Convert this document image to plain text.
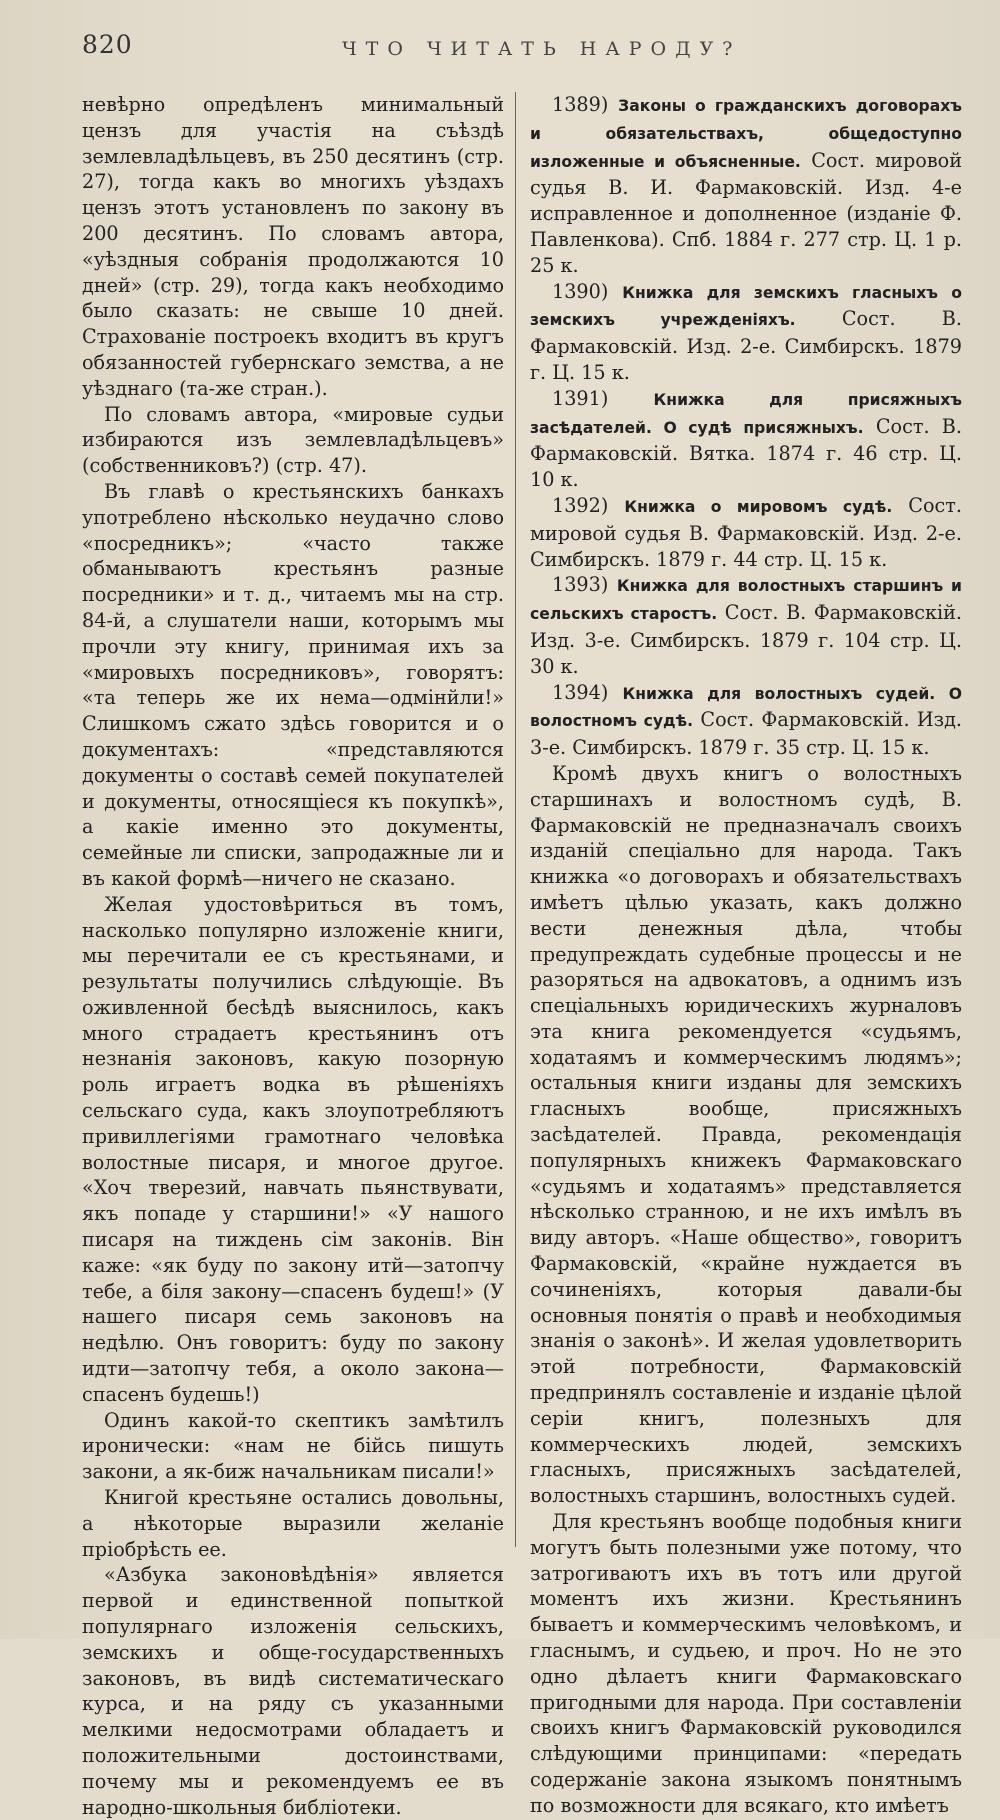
820	ЧТО ЧИТАТЬ НАРОДУ?

невѣрно опредѣленъ минимальный цензъ для участія на съѣздѣ землевладѣльцевъ, въ 250 десятинъ (стр. 27), тогда какъ во многихъ уѣздахъ цензъ этотъ установленъ по закону въ 200 десятинъ. По словамъ автора, «уѣздныя собранія продолжаются 10 дней» (стр. 29), тогда какъ необходимо было сказать: не свыше 10 дней. Страхованіе построекъ входитъ въ кругъ обязанностей губернскаго земства, а не уѣзднаго (та-же стран.).

По словамъ автора, «мировые судьи избираются изъ землевладѣльцевъ» (собственниковъ?) (стр. 47).

Въ главѣ о крестьянскихъ банкахъ употреблено нѣсколько неудачно слово «посредникъ»; «часто также обманываютъ крестьянъ разные посредники» и т. д., читаемъ мы на стр. 84-й, а слушатели наши, которымъ мы прочли эту книгу, принимая ихъ за «мировыхъ посредниковъ», говорятъ: «та теперь же их нема—одмінйли!» Слишкомъ сжато здѣсь говорится и о документахъ: «представляются документы о составѣ семей покупателей и документы, относящіеся къ покупкѣ», а какіе именно это документы, семейные ли списки, запродажные ли и въ какой формѣ—ничего не сказано.

Желая удостовѣриться въ томъ, насколько популярно изложеніе книги, мы перечитали ее съ крестьянами, и результаты получились слѣдующіе. Въ оживленной бесѣдѣ выяснилось, какъ много страдаетъ крестьянинъ отъ незнанія законовъ, какую позорную роль играетъ водка въ рѣшеніяхъ сельскаго суда, какъ злоупотребляютъ привиллегіями грамотнаго человѣка волостные писаря, и многое другое. «Хоч тверезий, навчать пьянствувати, якъ попаде у старшини!» «У нашого писаря на тиждень сім законів. Він каже: «як буду по закону итй—затопчу тебе, а біля закону—спасенъ будеш!» (У нашего писаря семь законовъ на недѣлю. Онъ говоритъ: буду по закону идти—затопчу тебя, а около закона—спасенъ будешь!)

Одинъ какой-то скептикъ замѣтилъ иронически: «нам не бійсь пишуть закони, а як-биж начальникам писали!»

Книгой крестьяне остались довольны, а нѣкоторые выразили желаніе пріобрѣсть ее.

«Азбука законовѣдѣнія» является первой и единственной попыткой популярнаго изложенія сельскихъ, земскихъ и обще-государственныхъ законовъ, въ видѣ систематическаго курса, и на ряду съ указанными мелкими недосмотрами обладаетъ и положительными достоинствами, почему мы и рекомендуемъ ее въ народно-школьныя библіотеки.

1389) Законы о гражданскихъ договорахъ и обязательствахъ, общедоступно изложенные и объясненные. Сост. мировой судья В. И. Фармаковскій. Изд. 4-е исправленное и дополненное (изданіе Ф. Павленкова). Спб. 1884 г. 277 стр. Ц. 1 р. 25 к.

1390) Книжка для земскихъ гласныхъ о земскихъ учрежденіяхъ. Сост. В. Фармаковскій. Изд. 2-е. Симбирскъ. 1879 г. Ц. 15 к.

1391)	Книжка для присяжныхъ засѣдателей. О судѣ присяжныхъ. Сост. В. Фармаковскій. Вятка. 1874 г. 46 стр. Ц. 10 к.

1392) Книжка о мировомъ судѣ. Сост. мировой судья В. Фармаковскій. Изд. 2-е. Симбирскъ. 1879 г. 44 стр. Ц. 15 к.

1393) Книжка для волостныхъ старшинъ и сельскихъ старостъ. Сост. В. Фармаковскій. Изд. 3-е. Симбирскъ. 1879 г. 104 стр. Ц. 30 к.

1394) Книжка для волостныхъ судей. О волостномъ судѣ. Сост. Фармаковскій. Изд. 3-е. Симбирскъ. 1879 г. 35 стр. Ц. 15 к.

Кромѣ двухъ книгъ о волостныхъ старшинахъ и волостномъ судѣ, В. Фармаковскій не предназначалъ своихъ изданій спеціально для народа. Такъ книжка «о договорахъ и обязательствахъ имѣетъ цѣлью указать, какъ должно вести денежныя дѣла, чтобы предупреждать судебные процессы и не разоряться на адвокатовъ, а однимъ изъ спеціальныхъ юридическихъ журналовъ эта книга рекомендуется «судьямъ, ходатаямъ и коммерческимъ людямъ»; остальныя книги изданы для земскихъ гласныхъ вообще, присяжныхъ засѣдателей. Правда, рекомендація популярныхъ книжекъ Фармаковскаго «судьямъ и ходатаямъ» представляется нѣсколько странною, и не ихъ имѣлъ въ виду авторъ. «Наше общество», говоритъ Фармаковскій, «крайне нуждается въ сочиненіяхъ, которыя давали-бы основныя понятія о правѣ и необходимыя знанія о законѣ». И желая удовлетворить этой потребности, Фармаковскій предпринялъ составленіе и изданіе цѣлой серіи книгъ, полезныхъ для коммерческихъ людей, земскихъ гласныхъ, присяжныхъ засѣдателей, волостныхъ старшинъ, волостныхъ судей.

Для крестьянъ вообще подобныя книги могутъ быть полезными уже потому, что затрогиваютъ ихъ въ тотъ или другой моментъ ихъ жизни. Крестьянинъ бываетъ и коммерческимъ человѣкомъ, и гласнымъ, и судьею, и проч. Но не это одно дѣлаетъ книги Фармаковскаго пригодными для народа. При составленіи своихъ книгъ Фармаковскій руководился слѣдующими принципами: «передать содержаніе закона языкомъ понятнымъ по возможности для всякаго, кто имѣетъ
